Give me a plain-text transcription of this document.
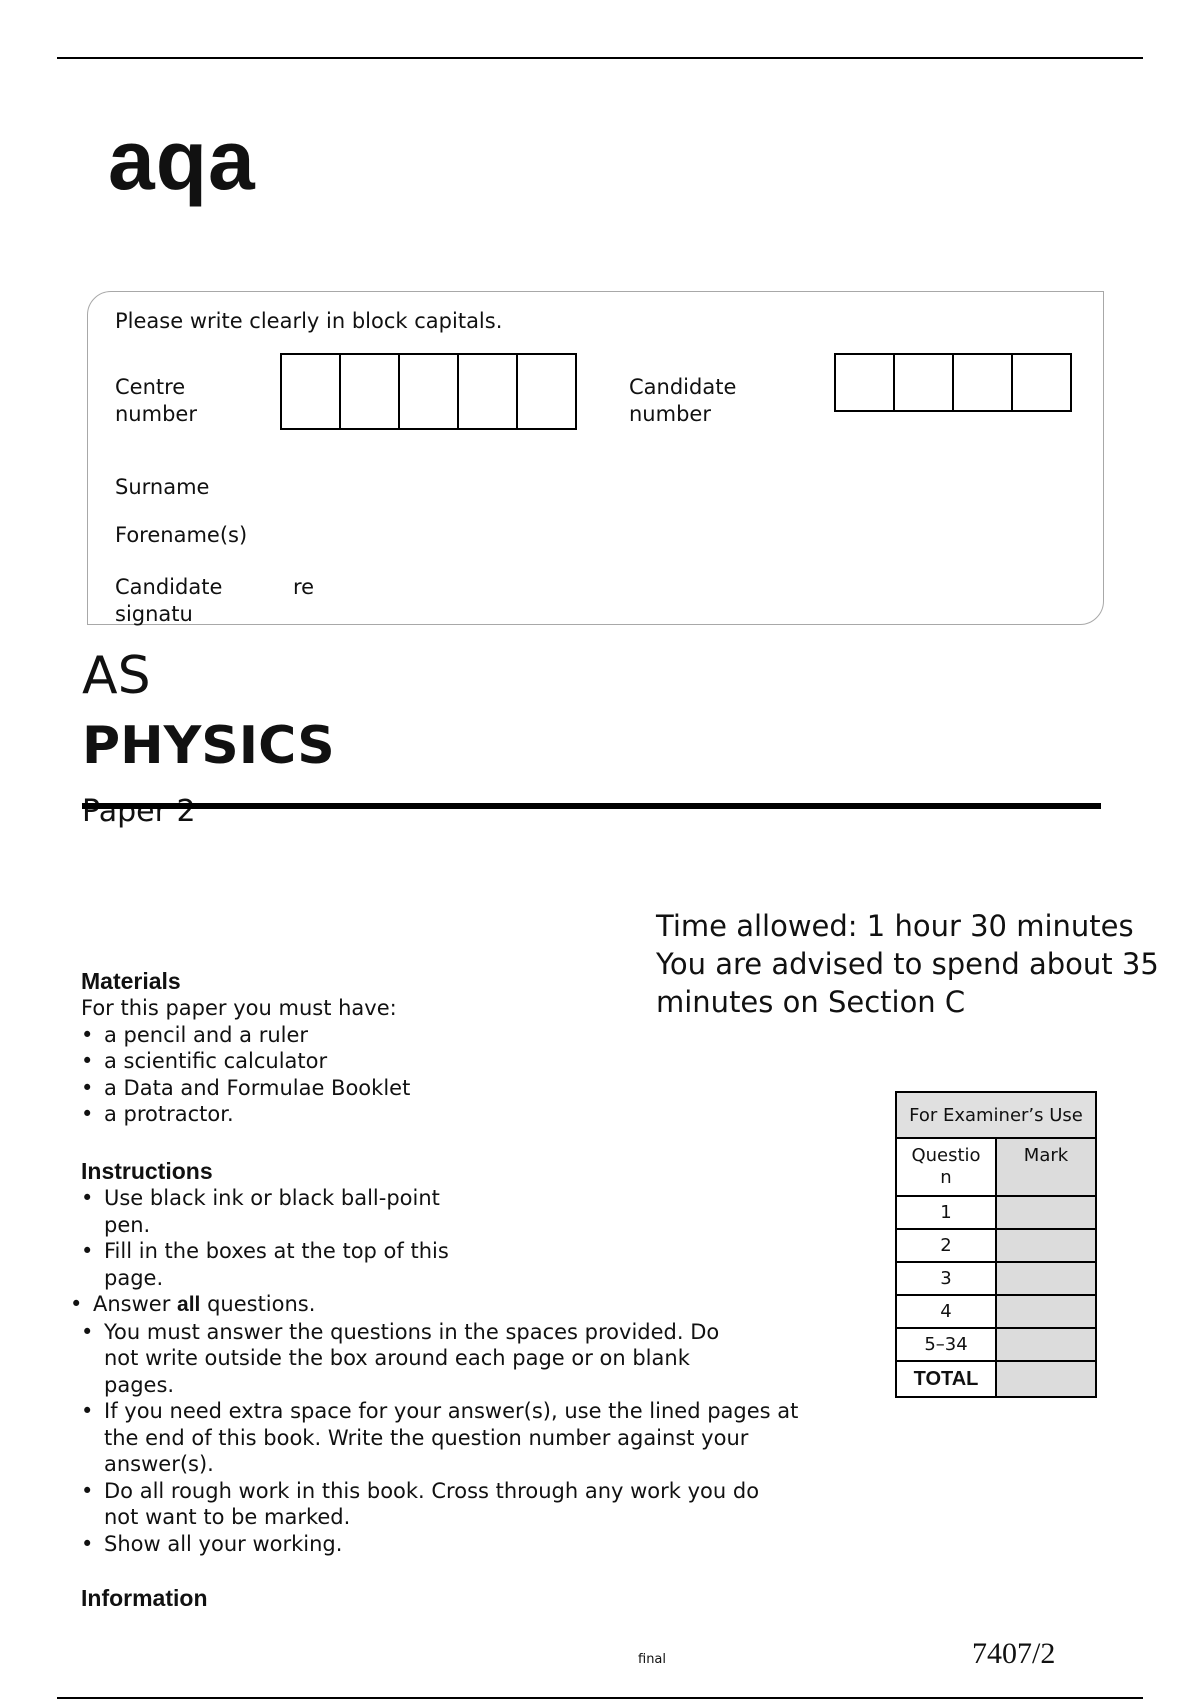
aqa
Please write clearly in block capitals.
Centre
number
Candidate
number
Surname
Forename(s)
Candidate
signatu
re
AS
PHYSICS
Paper 2
Time allowed: 1 hour 30 minutes
You are advised to spend about 35
minutes on Section C
Materials
For this paper you must have:
• a pencil and a ruler
• a scientific calculator
• a Data and Formulae Booklet
• a protractor.
Instructions
• Use black ink or black ball-point
pen.
• Fill in the boxes at the top of this
page.
• Answer all questions.
• You must answer the questions in the spaces provided. Do
not write outside the box around each page or on blank
pages.
• If you need extra space for your answer(s), use the lined pages at
the end of this book. Write the question number against your
answer(s).
• Do all rough work in this book. Cross through any work you do
not want to be marked.
• Show all your working.
Information
For Examiner’s Use	

Questio
n	Mark
1	
2	
3	
4	
5–34	
TOTAL	
final	7407/2
